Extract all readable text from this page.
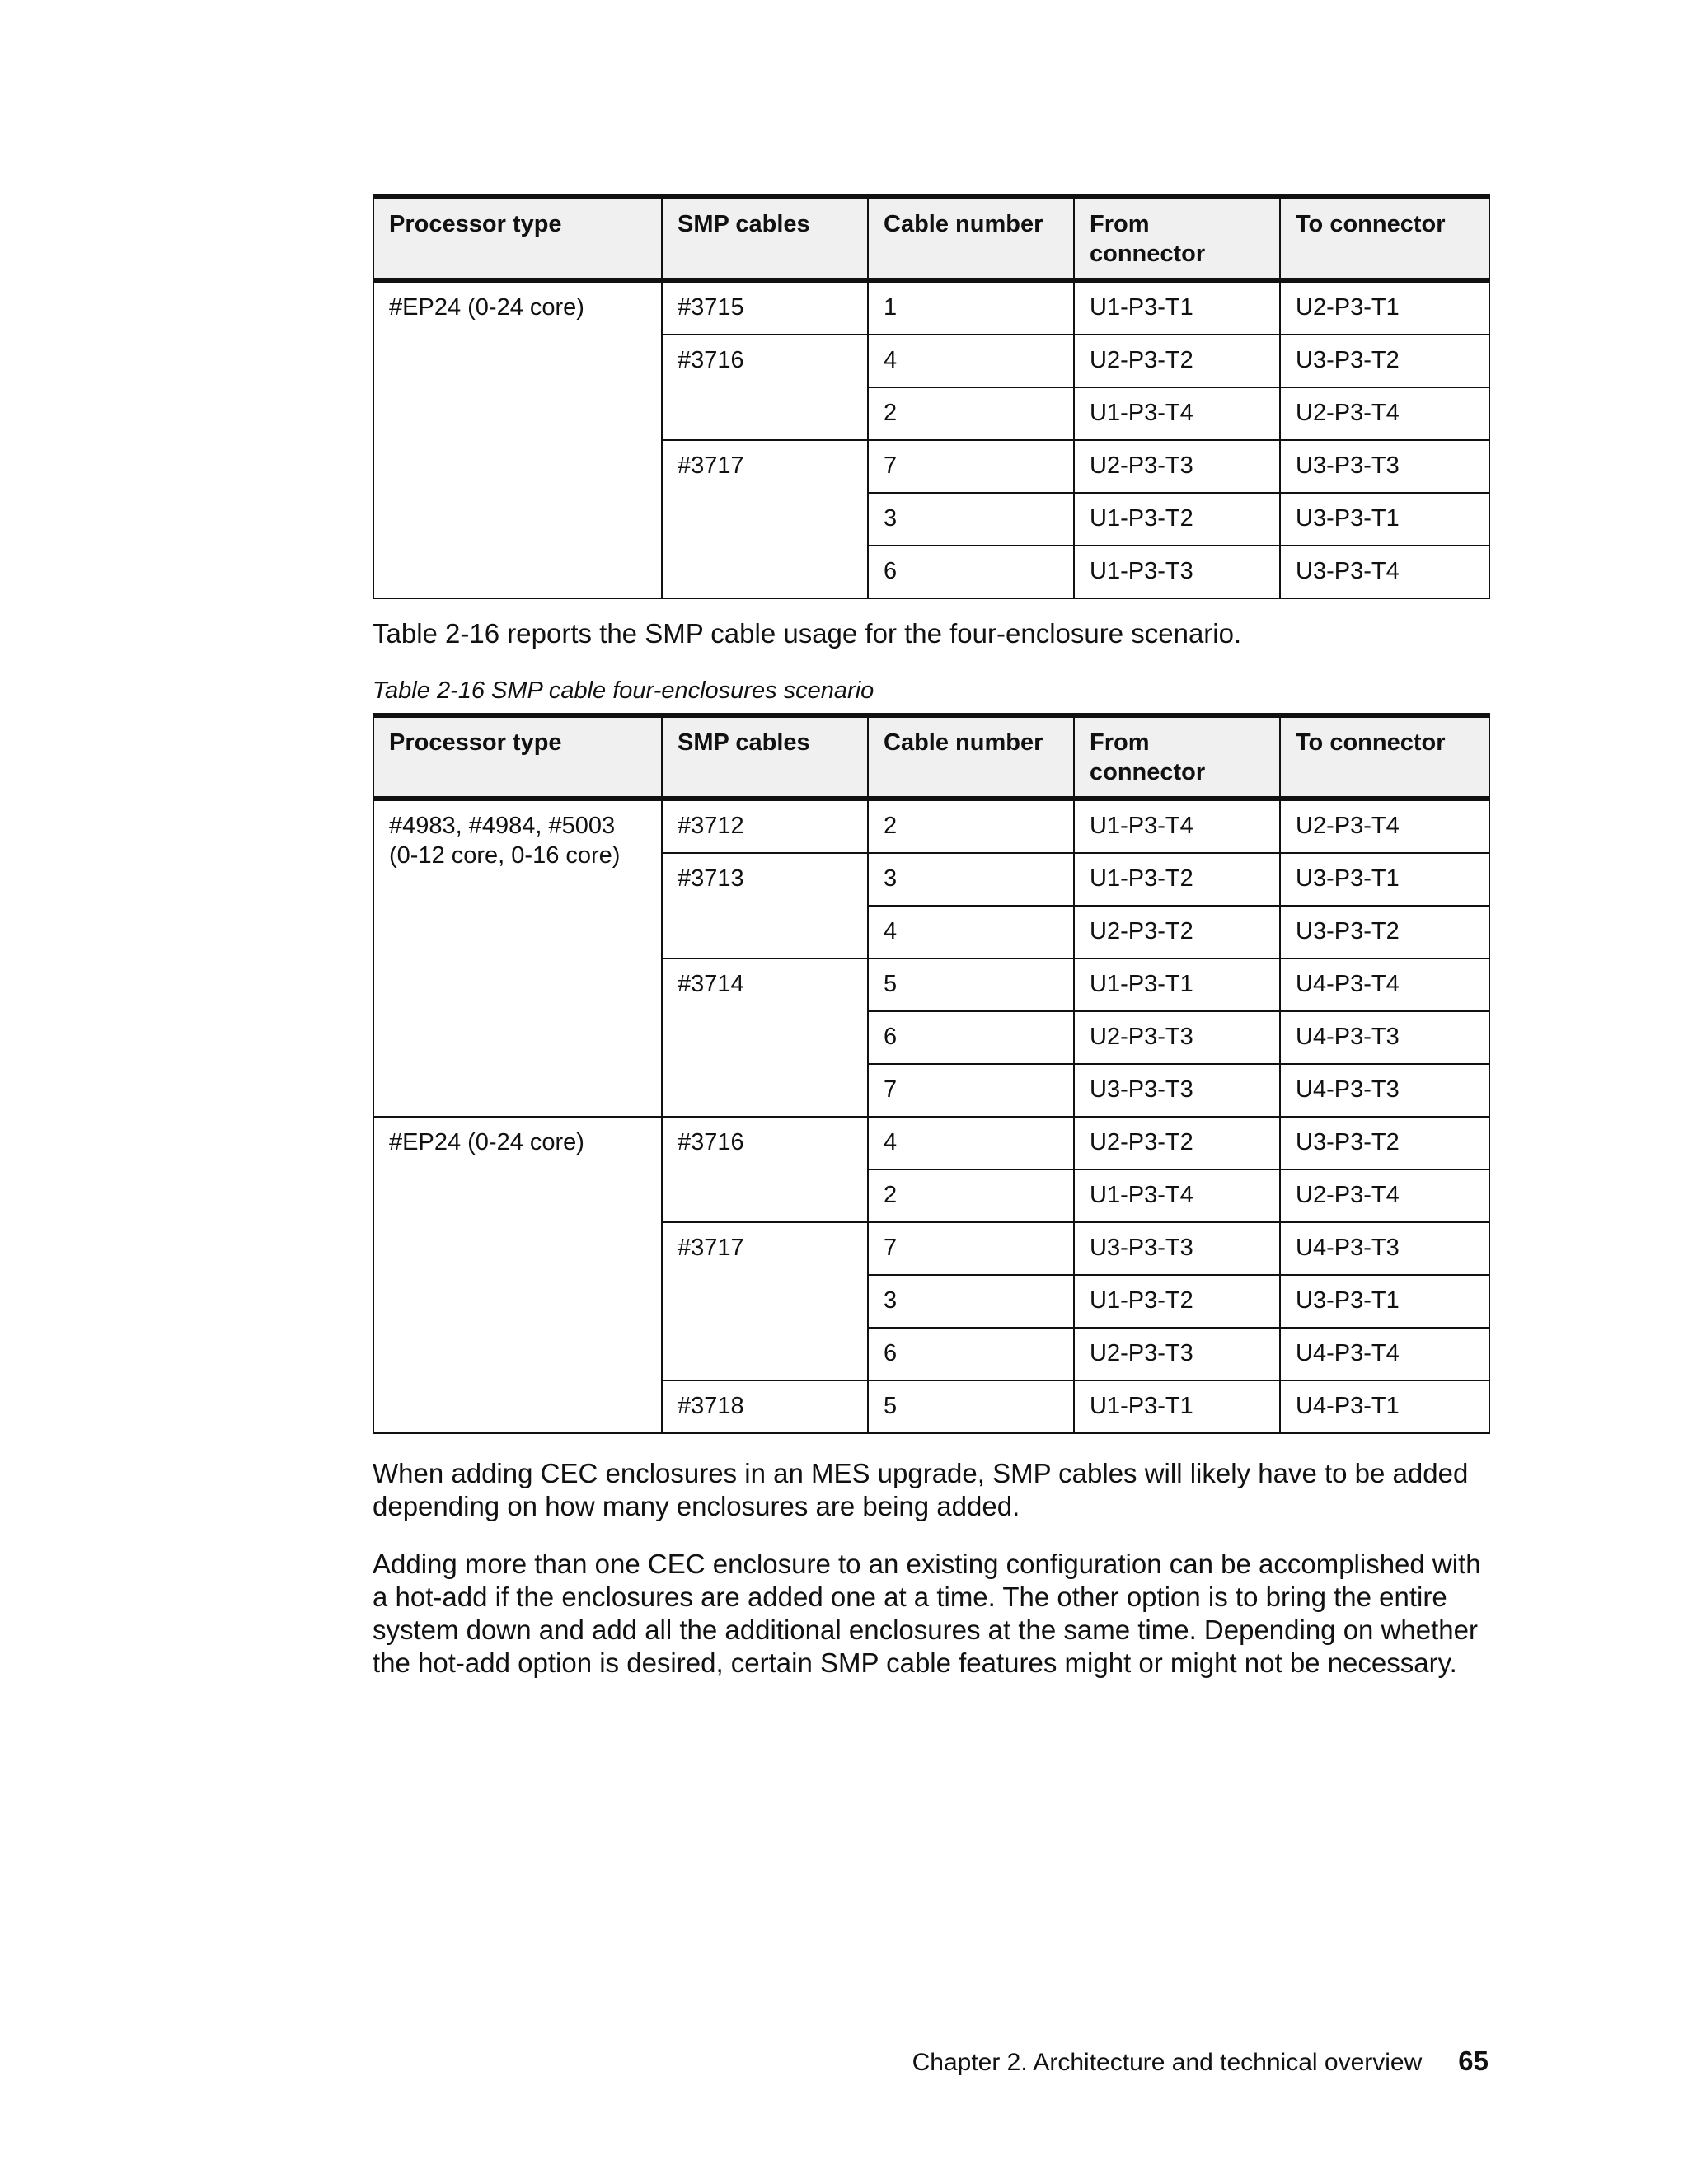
Processor type	SMP cables	Cable number	From connector	To connector
#EP24 (0-24 core)	#3715	1	U1-P3-T1	U2-P3-T1
	#3716	4	U2-P3-T2	U3-P3-T2
		2	U1-P3-T4	U2-P3-T4
	#3717	7	U2-P3-T3	U3-P3-T3
		3	U1-P3-T2	U3-P3-T1
		6	U1-P3-T3	U3-P3-T4

Table 2-16 reports the SMP cable usage for the four-enclosure scenario.

Table 2-16 SMP cable four-enclosures scenario

Processor type	SMP cables	Cable number	From connector	To connector
#4983, #4984, #5003 (0-12 core, 0-16 core)	#3712	2	U1-P3-T4	U2-P3-T4
	#3713	3	U1-P3-T2	U3-P3-T1
		4	U2-P3-T2	U3-P3-T2
	#3714	5	U1-P3-T1	U4-P3-T4
		6	U2-P3-T3	U4-P3-T3
		7	U3-P3-T3	U4-P3-T3
#EP24 (0-24 core)	#3716	4	U2-P3-T2	U3-P3-T2
		2	U1-P3-T4	U2-P3-T4
	#3717	7	U3-P3-T3	U4-P3-T3
		3	U1-P3-T2	U3-P3-T1
		6	U2-P3-T3	U4-P3-T4
	#3718	5	U1-P3-T1	U4-P3-T1

When adding CEC enclosures in an MES upgrade, SMP cables will likely have to be added depending on how many enclosures are being added.

Adding more than one CEC enclosure to an existing configuration can be accomplished with a hot-add if the enclosures are added one at a time. The other option is to bring the entire system down and add all the additional enclosures at the same time. Depending on whether the hot-add option is desired, certain SMP cable features might or might not be necessary.

Chapter 2. Architecture and technical overview 65
